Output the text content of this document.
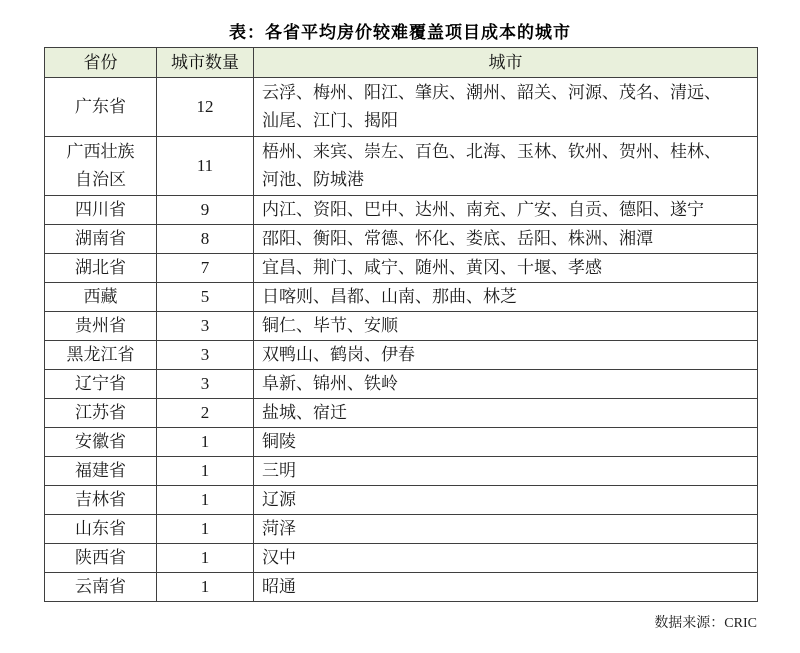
表：各省平均房价较难覆盖项目成本的城市
省份	城市数量	城市
广东省	12	云浮、梅州、阳江、肇庆、潮州、韶关、河源、茂名、清远、汕尾、江门、揭阳
广西壮族自治区	11	梧州、来宾、崇左、百色、北海、玉林、钦州、贺州、桂林、河池、防城港
四川省	9	内江、资阳、巴中、达州、南充、广安、自贡、德阳、遂宁
湖南省	8	邵阳、衡阳、常德、怀化、娄底、岳阳、株洲、湘潭
湖北省	7	宜昌、荆门、咸宁、随州、黄冈、十堰、孝感
西藏	5	日喀则、昌都、山南、那曲、林芝
贵州省	3	铜仁、毕节、安顺
黑龙江省	3	双鸭山、鹤岗、伊春
辽宁省	3	阜新、锦州、铁岭
江苏省	2	盐城、宿迁
安徽省	1	铜陵
福建省	1	三明
吉林省	1	辽源
山东省	1	菏泽
陕西省	1	汉中
云南省	1	昭通
数据来源：CRIC
